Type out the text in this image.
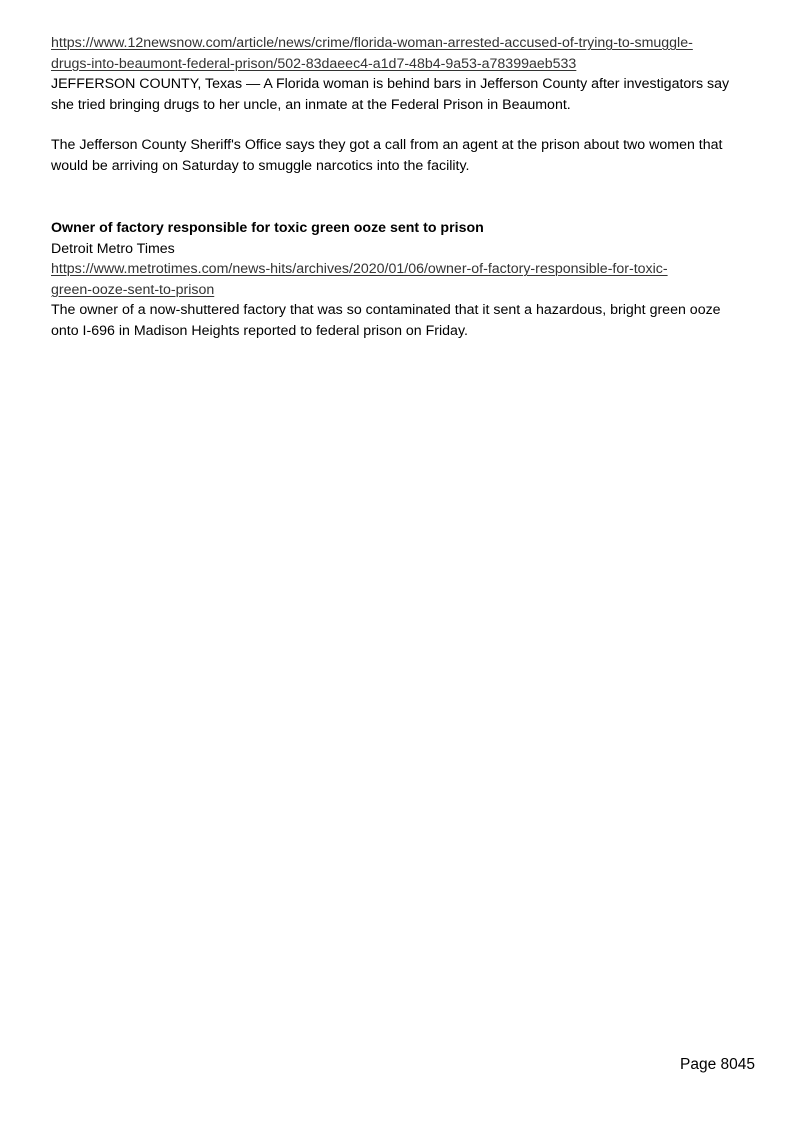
https://www.12newsnow.com/article/news/crime/florida-woman-arrested-accused-of-trying-to-smuggle-
drugs-into-beaumont-federal-prison/502-83daeec4-a1d7-48b4-9a53-a78399aeb533

JEFFERSON COUNTY, Texas — A Florida woman is behind bars in Jefferson County after investigators say she tried bringing drugs to her uncle, an inmate at the Federal Prison in Beaumont.

The Jefferson County Sheriff's Office says they got a call from an agent at the prison about two women that would be arriving on Saturday to smuggle narcotics into the facility.

Owner of factory responsible for toxic green ooze sent to prison
Detroit Metro Times
https://www.metrotimes.com/news-hits/archives/2020/01/06/owner-of-factory-responsible-for-toxic-
green-ooze-sent-to-prison

The owner of a now-shuttered factory that was so contaminated that it sent a hazardous, bright green ooze onto I-696 in Madison Heights reported to federal prison on Friday.

Page 8045
